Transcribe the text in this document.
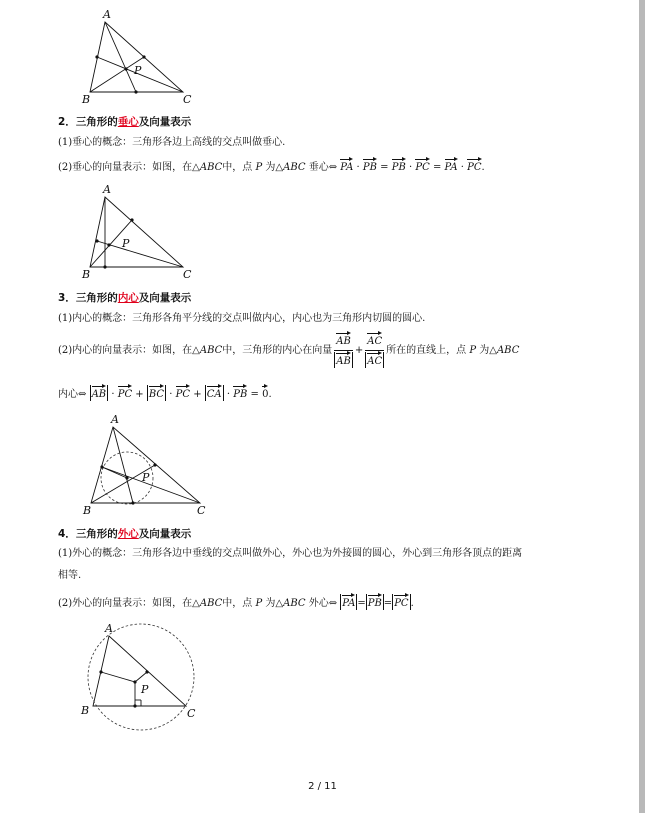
A
B	C
P
2．三角形的垂心及向量表示
(1)垂心的概念：三角形各边上高线的交点叫做垂心.
(2)垂心的向量表示：如图，在△ABC中，点 P 为△ABC 垂心⇔ PA · PB = PB · PC = PA · PC.
A
B	C
P
3．三角形的内心及向量表示
(1)内心的概念：三角形各角平分线的交点叫做内心，内心也为三角形内切圆的圆心.
(2)内心的向量表示：如图，在△ABC中，三角形的内心在向量 $\frac{AB}{AB} + \frac{AC}{AC}$ 所在的直线上，点 P 为△ABC
内心⇔ AB · PC + BC · PC + CA · PB = 0.
A
B	C
P
4．三角形的外心及向量表示
(1)外心的概念：三角形各边中垂线的交点叫做外心，外心也为外接圆的圆心，外心到三角形各顶点的距离
相等.
(2)外心的向量表示：如图，在△ABC中，点 P 为△ABC 外心⇔ PA = PB = PC .
A
B	C
P
2 / 11
